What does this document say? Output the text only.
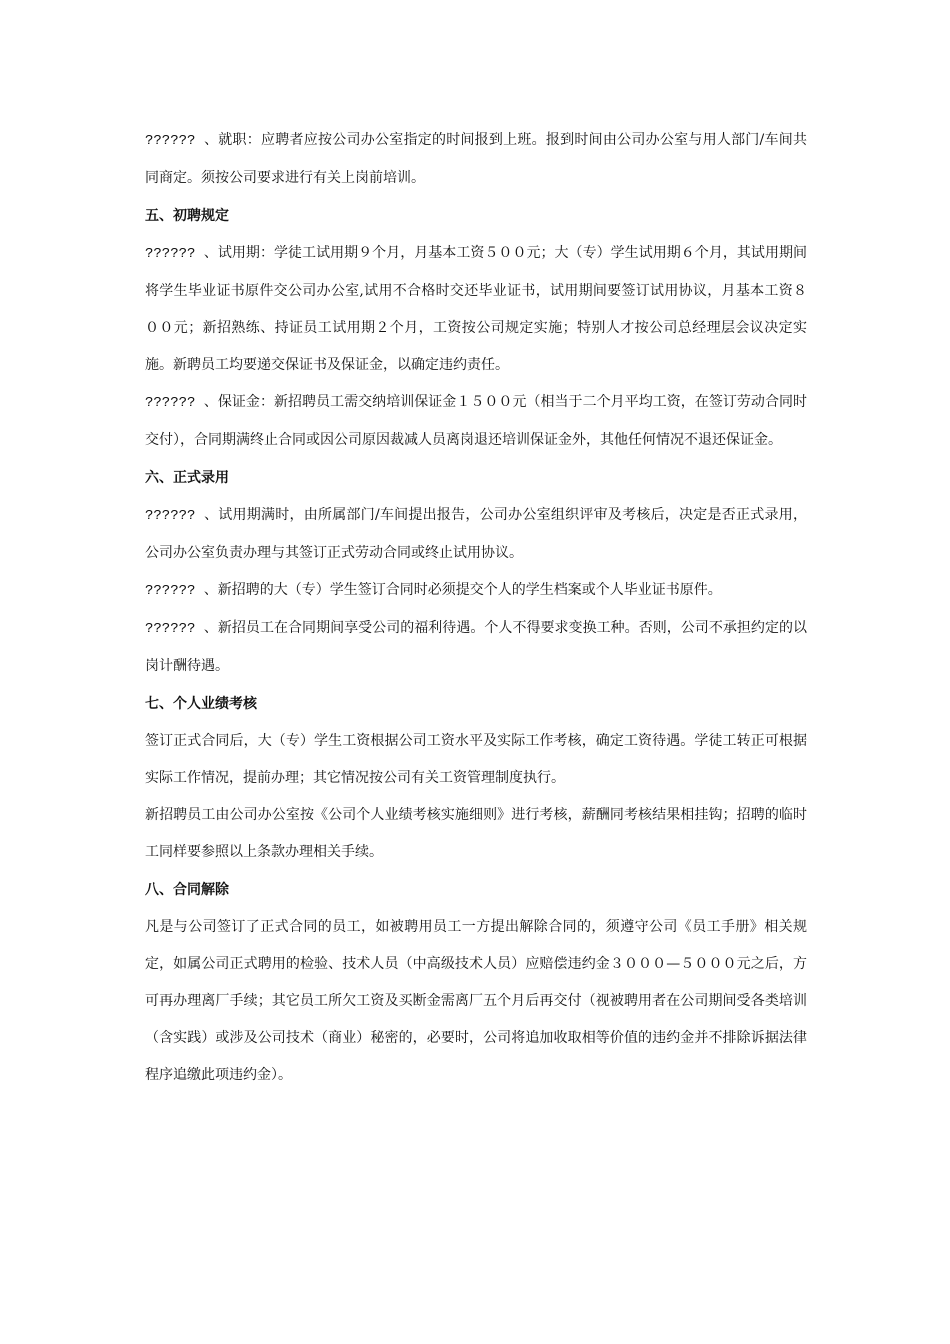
?????? 、就职：应聘者应按公司办公室指定的时间报到上班。报到时间由公司办公室与用人部门/车间共同商定。须按公司要求进行有关上岗前培训。

五、初聘规定

?????? 、试用期：学徒工试用期９个月，月基本工资５００元；大（专）学生试用期６个月，其试用期间将学生毕业证书原件交公司办公室,试用不合格时交还毕业证书，试用期间要签订试用协议，月基本工资８００元；新招熟练、持证员工试用期２个月，工资按公司规定实施；特别人才按公司总经理层会议决定实施。新聘员工均要递交保证书及保证金，以确定违约责任。

?????? 、保证金：新招聘员工需交纳培训保证金１５００元（相当于二个月平均工资，在签订劳动合同时交付），合同期满终止合同或因公司原因裁减人员离岗退还培训保证金外，其他任何情况不退还保证金。

六、正式录用

?????? 、试用期满时，由所属部门/车间提出报告，公司办公室组织评审及考核后，决定是否正式录用，公司办公室负责办理与其签订正式劳动合同或终止试用协议。

?????? 、新招聘的大（专）学生签订合同时必须提交个人的学生档案或个人毕业证书原件。

?????? 、新招员工在合同期间享受公司的福利待遇。个人不得要求变换工种。否则，公司不承担约定的以岗计酬待遇。

七、个人业绩考核

签订正式合同后，大（专）学生工资根据公司工资水平及实际工作考核，确定工资待遇。学徒工转正可根据实际工作情况，提前办理；其它情况按公司有关工资管理制度执行。

新招聘员工由公司办公室按《公司个人业绩考核实施细则》进行考核，薪酬同考核结果相挂钩；招聘的临时工同样要参照以上条款办理相关手续。

八、合同解除

凡是与公司签订了正式合同的员工，如被聘用员工一方提出解除合同的，须遵守公司《员工手册》相关规定，如属公司正式聘用的检验、技术人员（中高级技术人员）应赔偿违约金３０００—５０００元之后，方可再办理离厂手续；其它员工所欠工资及买断金需离厂五个月后再交付（视被聘用者在公司期间受各类培训（含实践）或涉及公司技术（商业）秘密的，必要时，公司将追加收取相等价值的违约金并不排除诉据法律程序追缴此项违约金）。
